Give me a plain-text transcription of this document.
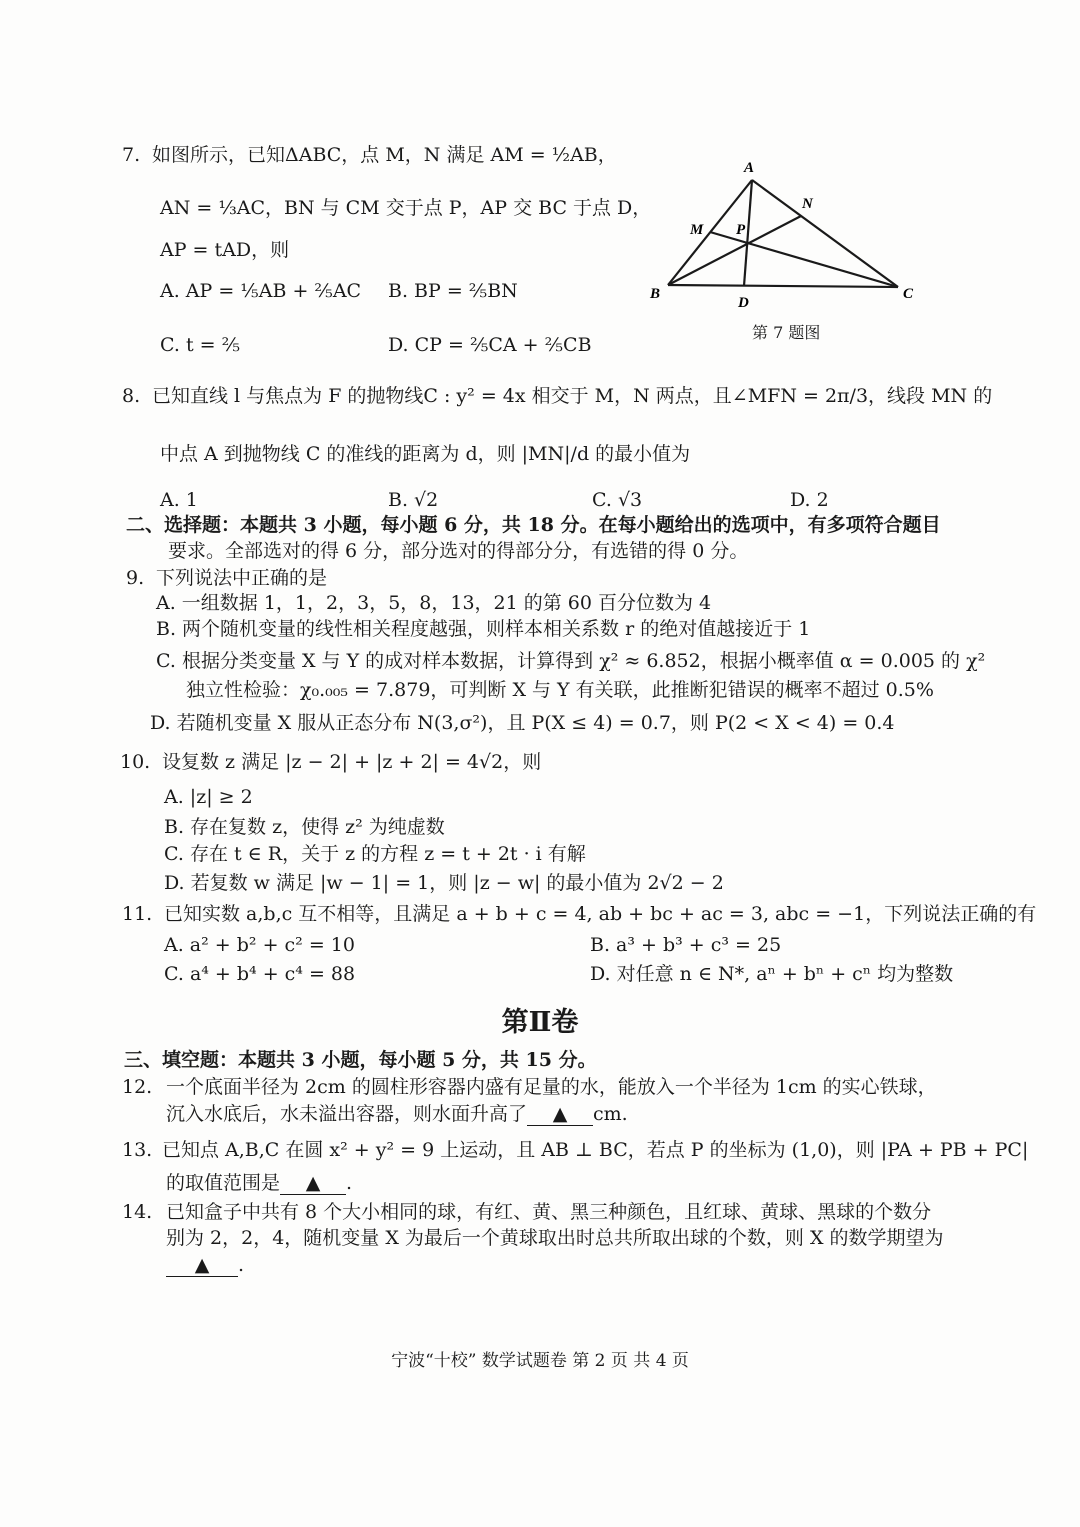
7. 如图所示，已知ΔABC，点 M，N 满足 AM = ½AB，
AN = ⅓AC，BN 与 CM 交于点 P，AP 交 BC 于点 D，
AP = tAD，则
A. AP = ⅕AB + ⅖AC B. BP = ⅖BN
C. t = ⅖	D. CP = ⅖CA + ⅖CB
A
N
M P
B
D
C
第 7 题图
8. 已知直线 l 与焦点为 F 的抛物线C : y² = 4x 相交于 M，N 两点，且∠MFN = 2π/3，线段 MN 的
中点 A 到抛物线 C 的准线的距离为 d，则 |MN|/d 的最小值为
A. 1	B. √2	C. √3	D. 2
二、选择题：本题共 3 小题，每小题 6 分，共 18 分。在每小题给出的选项中，有多项符合题目
要求。全部选对的得 6 分，部分选对的得部分分，有选错的得 0 分。
9. 下列说法中正确的是
A. 一组数据 1，1，2，3，5，8，13，21 的第 60 百分位数为 4
B. 两个随机变量的线性相关程度越强，则样本相关系数 r 的绝对值越接近于 1
C. 根据分类变量 X 与 Y 的成对样本数据，计算得到 χ² ≈ 6.852，根据小概率值 α = 0.005 的 χ²
独立性检验：χ₀.₀₀₅ = 7.879，可判断 X 与 Y 有关联，此推断犯错误的概率不超过 0.5%
D. 若随机变量 X 服从正态分布 N(3,σ²)，且 P(X ≤ 4) = 0.7，则 P(2 < X < 4) = 0.4
10. 设复数 z 满足 |z − 2| + |z + 2| = 4√2，则
A. |z| ≥ 2
B. 存在复数 z，使得 z² 为纯虚数
C. 存在 t ∈ R，关于 z 的方程 z = t + 2t · i 有解
D. 若复数 w 满足 |w − 1| = 1，则 |z − w| 的最小值为 2√2 − 2
11. 已知实数 a,b,c 互不相等，且满足 a + b + c = 4, ab + bc + ac = 3, abc = −1，下列说法正确的有
A. a² + b² + c² = 10	B. a³ + b³ + c³ = 25
C. a⁴ + b⁴ + c⁴ = 88	D. 对任意 n ∈ N*, aⁿ + bⁿ + cⁿ 均为整数
第Ⅱ卷
三、填空题：本题共 3 小题，每小题 5 分，共 15 分。
12. 一个底面半径为 2cm 的圆柱形容器内盛有足量的水，能放入一个半径为 1cm 的实心铁球，
沉入水底后，水未溢出容器，则水面升高了 ▲ cm.
13. 已知点 A,B,C 在圆 x² + y² = 9 上运动，且 AB ⊥ BC，若点 P 的坐标为 (1,0)，则 |PA + PB + PC|
的取值范围是 ▲ .
14. 已知盒子中共有 8 个大小相同的球，有红、黄、黑三种颜色，且红球、黄球、黑球的个数分
别为 2，2，4，随机变量 X 为最后一个黄球取出时总共所取出球的个数，则 X 的数学期望为
▲ .
宁波“十校” 数学试题卷 第 2 页 共 4 页
